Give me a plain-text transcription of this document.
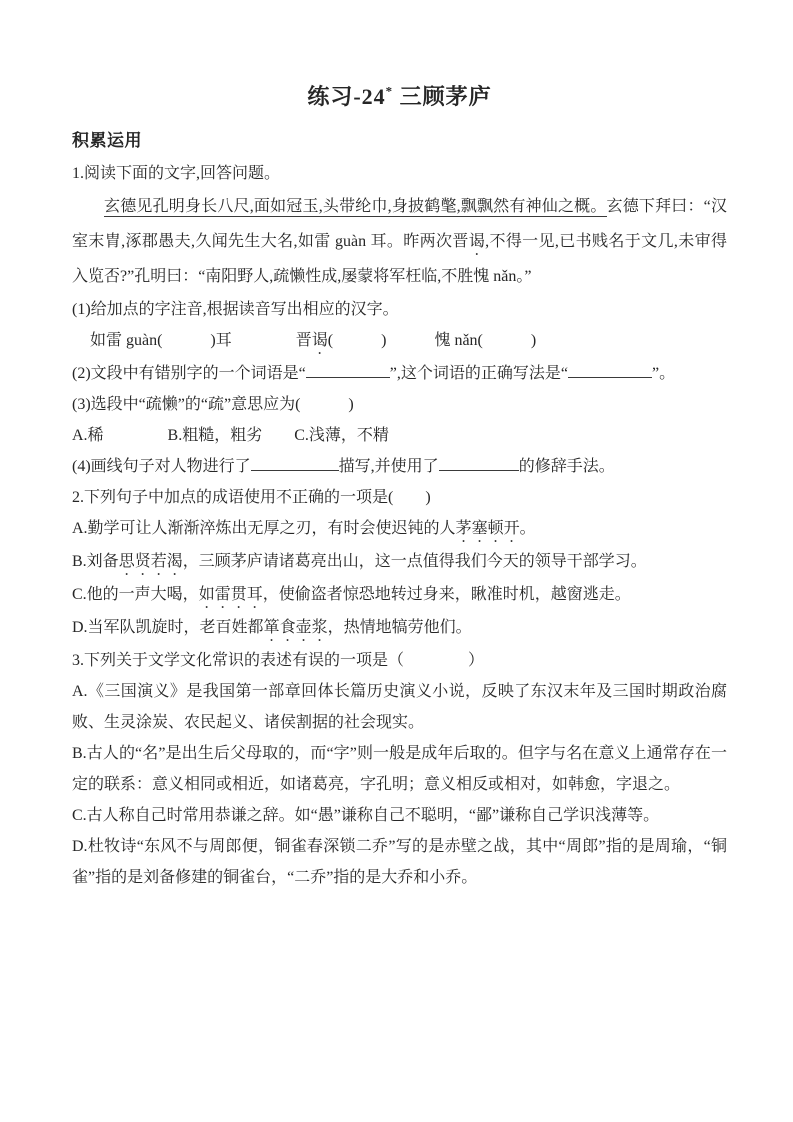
练习-24* 三顾茅庐
积累运用

1.阅读下面的文字,回答问题。

玄德见孔明身长八尺,面如冠玉,头带纶巾,身披鹤氅,飘飘然有神仙之概。玄德下拜曰：“汉室末胄,涿郡愚夫,久闻先生大名,如雷 guàn 耳。昨两次晋谒,不得一见,已书贱名于文几,未审得入览否?”孔明曰：“南阳野人,疏懒性成,屡蒙将军枉临,不胜愧 nǎn。”

(1)给加点的字注音,根据读音写出相应的汉字。

如雷 guàn(　　　)耳　　　　晋谒(　　　)　　　愧 nǎn(　　　)

(2)文段中有错别字的一个词语是“	”,这个词语的正确写法是“	”。

(3)选段中“疏懒”的“疏”意思应为(　　　)

A.稀　　　　B.粗糙，粗劣　　C.浅薄，不精

(4)画线句子对人物进行了	描写,并使用了	的修辞手法。

2.下列句子中加点的成语使用不正确的一项是(　　)

A.勤学可让人渐渐淬炼出无厚之刃，有时会使迟钝的人茅塞顿开。

B.刘备思贤若渴，三顾茅庐请诸葛亮出山，这一点值得我们今天的领导干部学习。

C.他的一声大喝，如雷贯耳，使偷盗者惊恐地转过身来，瞅准时机，越窗逃走。

D.当军队凯旋时，老百姓都箪食壶浆，热情地犒劳他们。

3.下列关于文学文化常识的表述有误的一项是（　　　　）

A.《三国演义》是我国第一部章回体长篇历史演义小说，反映了东汉末年及三国时期政治腐败、生灵涂炭、农民起义、诸侯割据的社会现实。

B.古人的“名”是出生后父母取的，而“字”则一般是成年后取的。但字与名在意义上通常存在一定的联系：意义相同或相近，如诸葛亮，字孔明；意义相反或相对，如韩愈，字退之。

C.古人称自己时常用恭谦之辞。如“愚”谦称自己不聪明，“鄙”谦称自己学识浅薄等。

D.杜牧诗“东风不与周郎便，铜雀春深锁二乔”写的是赤壁之战，其中“周郎”指的是周瑜，“铜雀”指的是刘备修建的铜雀台，“二乔”指的是大乔和小乔。
